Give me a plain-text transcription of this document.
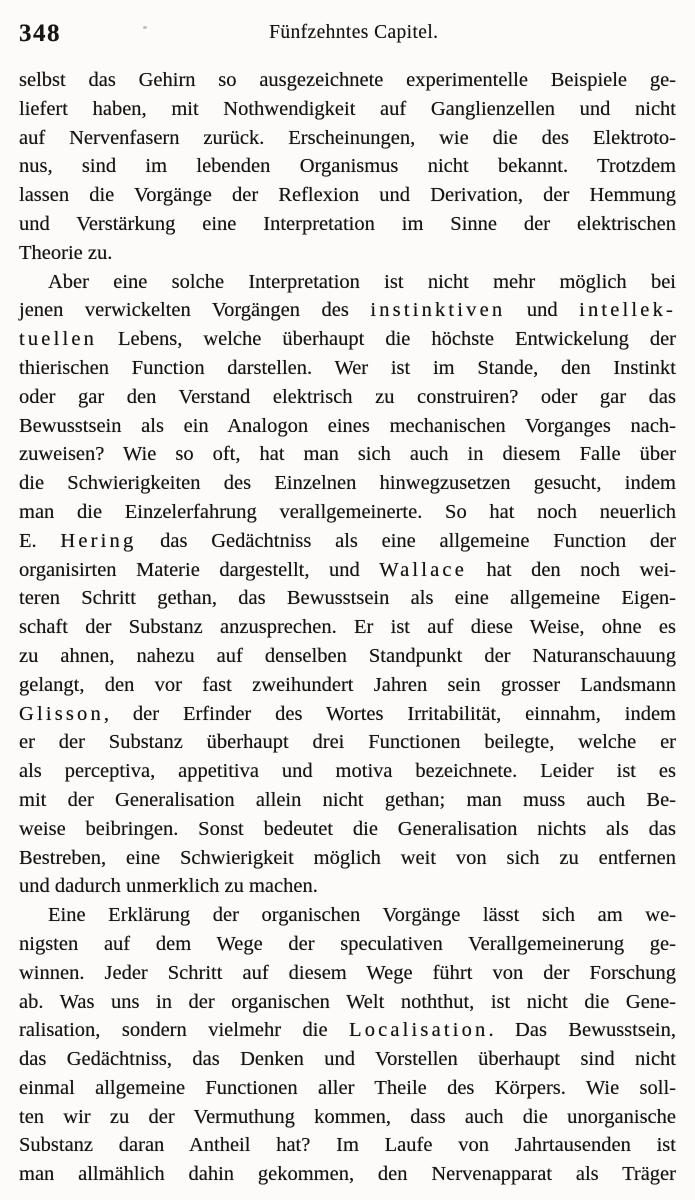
348	Fünfzehntes Capitel.
selbst das Gehirn so ausgezeichnete experimentelle Beispiele ge-
liefert haben, mit Nothwendigkeit auf Ganglienzellen und nicht
auf Nervenfasern zurück. Erscheinungen, wie die des Elektroto-
nus, sind im lebenden Organismus nicht bekannt. Trotzdem
lassen die Vorgänge der Reflexion und Derivation, der Hemmung
und Verstärkung eine Interpretation im Sinne der elektrischen
Theorie zu.
Aber eine solche Interpretation ist nicht mehr möglich bei
jenen verwickelten Vorgängen des instinktiven und intellek-
tuellen Lebens, welche überhaupt die höchste Entwickelung der
thierischen Function darstellen. Wer ist im Stande, den Instinkt
oder gar den Verstand elektrisch zu construiren? oder gar das
Bewusstsein als ein Analogon eines mechanischen Vorganges nach-
zuweisen? Wie so oft, hat man sich auch in diesem Falle über
die Schwierigkeiten des Einzelnen hinwegzusetzen gesucht, indem
man die Einzelerfahrung verallgemeinerte. So hat noch neuerlich
E. Hering das Gedächtniss als eine allgemeine Function der
organisirten Materie dargestellt, und Wallace hat den noch wei-
teren Schritt gethan, das Bewusstsein als eine allgemeine Eigen-
schaft der Substanz anzusprechen. Er ist auf diese Weise, ohne es
zu ahnen, nahezu auf denselben Standpunkt der Naturanschauung
gelangt, den vor fast zweihundert Jahren sein grosser Landsmann
Glisson, der Erfinder des Wortes Irritabilität, einnahm, indem
er der Substanz überhaupt drei Functionen beilegte, welche er
als perceptiva, appetitiva und motiva bezeichnete. Leider ist es
mit der Generalisation allein nicht gethan; man muss auch Be-
weise beibringen. Sonst bedeutet die Generalisation nichts als das
Bestreben, eine Schwierigkeit möglich weit von sich zu entfernen
und dadurch unmerklich zu machen.
Eine Erklärung der organischen Vorgänge lässt sich am we-
nigsten auf dem Wege der speculativen Verallgemeinerung ge-
winnen. Jeder Schritt auf diesem Wege führt von der Forschung
ab. Was uns in der organischen Welt noththut, ist nicht die Gene-
ralisation, sondern vielmehr die Localisation. Das Bewusstsein,
das Gedächtniss, das Denken und Vorstellen überhaupt sind nicht
einmal allgemeine Functionen aller Theile des Körpers. Wie soll-
ten wir zu der Vermuthung kommen, dass auch die unorganische
Substanz daran Antheil hat? Im Laufe von Jahrtausenden ist
man allmählich dahin gekommen, den Nervenapparat als Träger
